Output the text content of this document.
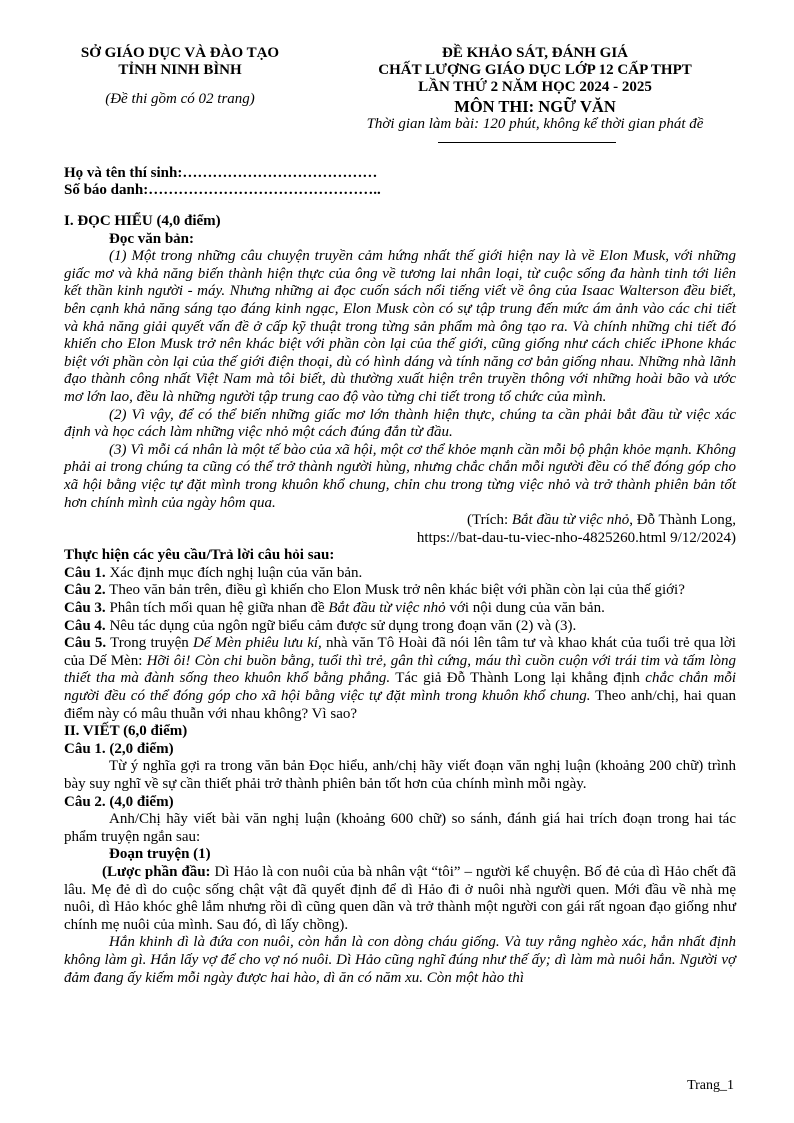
SỞ GIÁO DỤC VÀ ĐÀO TẠO
TỈNH NINH BÌNH
(Đề thi gồm có 02 trang)
ĐỀ KHẢO SÁT, ĐÁNH GIÁ
CHẤT LƯỢNG GIÁO DỤC LỚP 12 CẤP THPT
LẦN THỨ 2 NĂM HỌC 2024 - 2025
MÔN THI: NGỮ VĂN
Thời gian làm bài: 120 phút, không kể thời gian phát đề
Họ và tên thí sinh:…………………………………
Số báo danh:………………………………………..

I. ĐỌC HIỂU (4,0 điểm)

Đọc văn bản:

(1) Một trong những câu chuyện truyền cảm hứng nhất thế giới hiện nay là về Elon Musk, với những giấc mơ và khả năng biến thành hiện thực của ông về tương lai nhân loại, từ cuộc sống đa hành tinh tới liên kết thần kinh người - máy. Nhưng những ai đọc cuốn sách nổi tiếng viết về ông của Isaac Walterson đều biết, bên cạnh khả năng sáng tạo đáng kinh ngạc, Elon Musk còn có sự tập trung đến mức ám ảnh vào các chi tiết và khả năng giải quyết vấn đề ở cấp kỹ thuật trong từng sản phẩm mà ông tạo ra. Và chính những chi tiết đó khiến cho Elon Musk trở nên khác biệt với phần còn lại của thế giới, cũng giống như cách chiếc iPhone khác biệt với phần còn lại của thế giới điện thoại, dù có hình dáng và tính năng cơ bản giống nhau. Những nhà lãnh đạo thành công nhất Việt Nam mà tôi biết, dù thường xuất hiện trên truyền thông với những hoài bão và ước mơ lớn lao, đều là những người tập trung cao độ vào từng chi tiết trong tổ chức của mình.

(2) Vì vậy, để có thể biến những giấc mơ lớn thành hiện thực, chúng ta cần phải bắt đầu từ việc xác định và học cách làm những việc nhỏ một cách đúng đắn từ đầu.

(3) Vì mỗi cá nhân là một tế bào của xã hội, một cơ thể khỏe mạnh cần mỗi bộ phận khỏe mạnh. Không phải ai trong chúng ta cũng có thể trở thành người hùng, nhưng chắc chắn mỗi người đều có thể đóng góp cho xã hội bằng việc tự đặt mình trong khuôn khổ chung, chỉn chu trong từng việc nhỏ và trở thành phiên bản tốt hơn chính mình của ngày hôm qua.

(Trích: Bắt đầu từ việc nhỏ, Đỗ Thành Long,

https://bat-dau-tu-viec-nho-4825260.html 9/12/2024)

Thực hiện các yêu cầu/Trả lời câu hỏi sau:

Câu 1. Xác định mục đích nghị luận của văn bản.

Câu 2. Theo văn bản trên, điều gì khiến cho Elon Musk trở nên khác biệt với phần còn lại của thế giới?

Câu 3. Phân tích mối quan hệ giữa nhan đề Bắt đầu từ việc nhỏ với nội dung của văn bản.

Câu 4. Nêu tác dụng của ngôn ngữ biểu cảm được sử dụng trong đoạn văn (2) và (3).

Câu 5. Trong truyện Dế Mèn phiêu lưu kí, nhà văn Tô Hoài đã nói lên tâm tư và khao khát của tuổi trẻ qua lời của Dế Mèn: Hỡi ôi! Còn chi buồn bằng, tuổi thì trẻ, gân thì cứng, máu thì cuồn cuộn với trái tim và tấm lòng thiết tha mà đành sống theo khuôn khổ bằng phẳng. Tác giả Đỗ Thành Long lại khẳng định chắc chắn mỗi người đều có thể đóng góp cho xã hội bằng việc tự đặt mình trong khuôn khổ chung. Theo anh/chị, hai quan điểm này có mâu thuẫn với nhau không? Vì sao?

II. VIẾT (6,0 điểm)

Câu 1. (2,0 điểm)

Từ ý nghĩa gợi ra trong văn bản Đọc hiểu, anh/chị hãy viết đoạn văn nghị luận (khoảng 200 chữ) trình bày suy nghĩ về sự cần thiết phải trở thành phiên bản tốt hơn của chính mình mỗi ngày.

Câu 2. (4,0 điểm)

Anh/Chị hãy viết bài văn nghị luận (khoảng 600 chữ) so sánh, đánh giá hai trích đoạn trong hai tác phẩm truyện ngắn sau:

Đoạn truyện (1)

(Lược phần đầu: Dì Hảo là con nuôi của bà nhân vật “tôi” – người kể chuyện. Bố đẻ của dì Hảo chết đã lâu. Mẹ đẻ dì do cuộc sống chật vật đã quyết định để dì Hảo đi ở nuôi nhà người quen. Mới đầu về nhà mẹ nuôi, dì Hảo khóc ghê lắm nhưng rồi dì cũng quen dần và trở thành một người con gái rất ngoan đạo giống như chính mẹ nuôi của mình. Sau đó, dì lấy chồng).

Hắn khinh dì là đứa con nuôi, còn hắn là con dòng cháu giống. Và tuy rằng nghèo xác, hắn nhất định không làm gì. Hắn lấy vợ để cho vợ nó nuôi. Dì Hảo cũng nghĩ đúng như thế ấy; dì làm mà nuôi hắn. Người vợ đảm đang ấy kiếm mỗi ngày được hai hào, dì ăn có năm xu. Còn một hào thì

Trang_1
